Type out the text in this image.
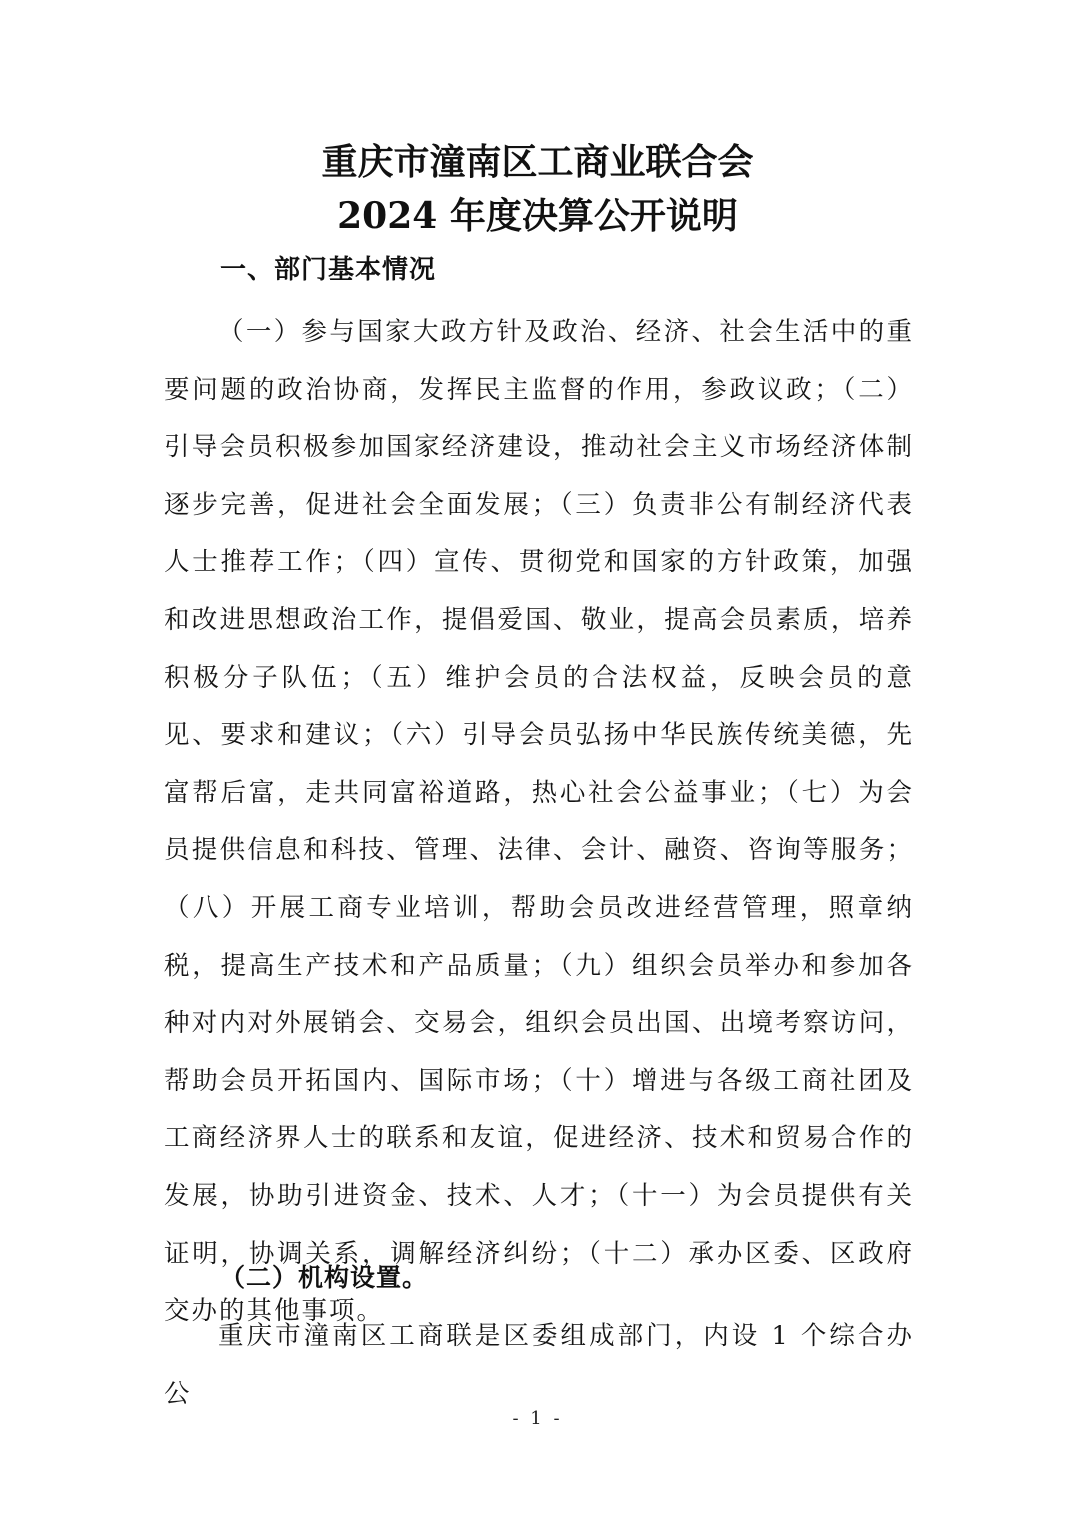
重庆市潼南区工商业联合会
2024 年度决算公开说明
一、部门基本情况

（一）参与国家大政方针及政治、经济、社会生活中的重要问题的政治协商，发挥民主监督的作用，参政议政；（二）引导会员积极参加国家经济建设，推动社会主义市场经济体制逐步完善，促进社会全面发展；（三）负责非公有制经济代表人士推荐工作；（四）宣传、贯彻党和国家的方针政策，加强和改进思想政治工作，提倡爱国、敬业，提高会员素质，培养积极分子队伍；（五）维护会员的合法权益，反映会员的意见、要求和建议；（六）引导会员弘扬中华民族传统美德，先富帮后富，走共同富裕道路，热心社会公益事业；（七）为会员提供信息和科技、管理、法律、会计、融资、咨询等服务；（八）开展工商专业培训，帮助会员改进经营管理，照章纳税，提高生产技术和产品质量；（九）组织会员举办和参加各种对内对外展销会、交易会，组织会员出国、出境考察访问，帮助会员开拓国内、国际市场；（十）增进与各级工商社团及工商经济界人士的联系和友谊，促进经济、技术和贸易合作的发展，协助引进资金、技术、人才；（十一）为会员提供有关证明，协调关系，调解经济纠纷；（十二）承办区委、区政府交办的其他事项。

（二）机构设置。

重庆市潼南区工商联是区委组成部门，内设 1 个综合办公

- 1 -
